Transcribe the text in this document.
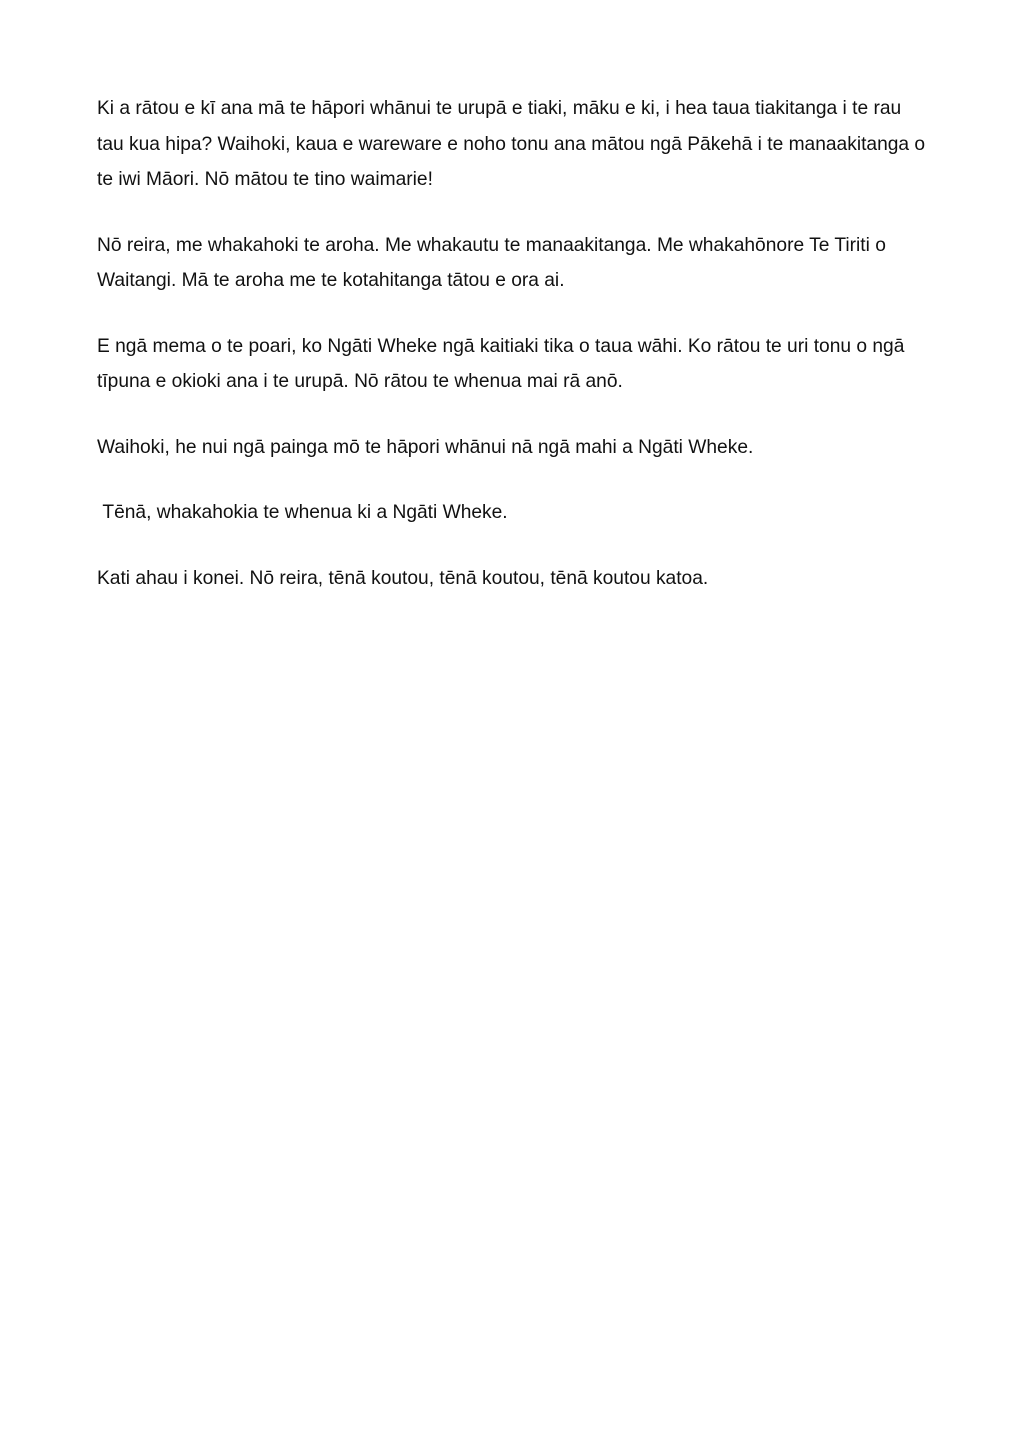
Ki a rātou e kī ana mā te hāpori whānui te urupā e tiaki, māku e ki, i hea taua tiakitanga i te rau tau kua hipa? Waihoki, kaua e wareware e noho tonu ana mātou ngā Pākehā i te manaakitanga o te iwi Māori. Nō mātou te tino waimarie!

Nō reira, me whakahoki te aroha. Me whakautu te manaakitanga. Me whakahōnore Te Tiriti o Waitangi. Mā te aroha me te kotahitanga tātou e ora ai.

E ngā mema o te poari, ko Ngāti Wheke ngā kaitiaki tika o taua wāhi. Ko rātou te uri tonu o ngā tīpuna e okioki ana i te urupā. Nō rātou te whenua mai rā anō.

Waihoki, he nui ngā painga mō te hāpori whānui nā ngā mahi a Ngāti Wheke.

Tēnā, whakahokia te whenua ki a Ngāti Wheke.

Kati ahau i konei. Nō reira, tēnā koutou, tēnā koutou, tēnā koutou katoa.
